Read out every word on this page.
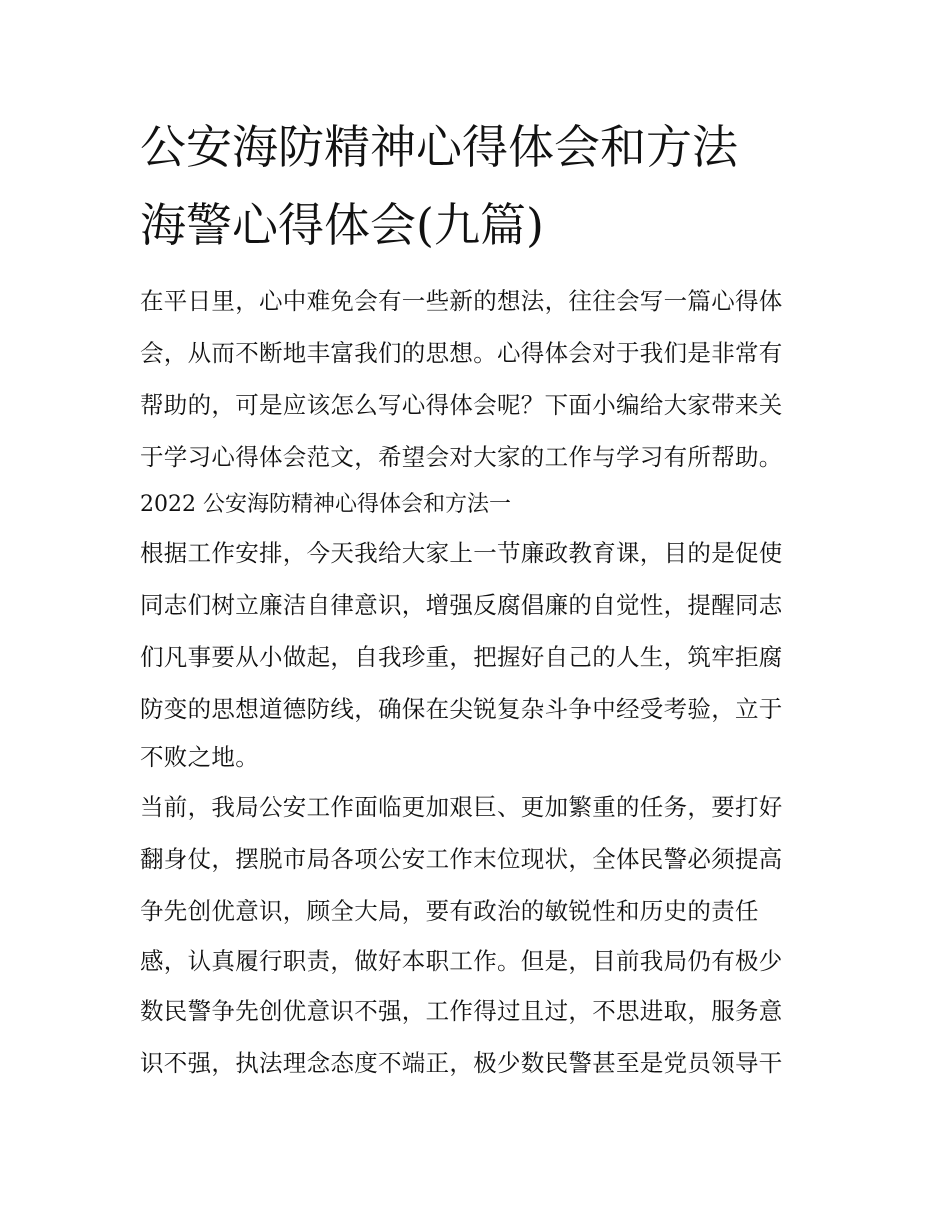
公安海防精神心得体会和方法
海警心得体会(九篇)
在平日里，心中难免会有一些新的想法，往往会写一篇心得体
会，从而不断地丰富我们的思想。心得体会对于我们是非常有
帮助的，可是应该怎么写心得体会呢？下面小编给大家带来关
于学习心得体会范文，希望会对大家的工作与学习有所帮助。
2022 公安海防精神心得体会和方法一
根据工作安排，今天我给大家上一节廉政教育课，目的是促使
同志们树立廉洁自律意识，增强反腐倡廉的自觉性，提醒同志
们凡事要从小做起，自我珍重，把握好自己的人生，筑牢拒腐
防变的思想道德防线，确保在尖锐复杂斗争中经受考验，立于
不败之地。
当前，我局公安工作面临更加艰巨、更加繁重的任务，要打好
翻身仗，摆脱市局各项公安工作末位现状，全体民警必须提高
争先创优意识，顾全大局，要有政治的敏锐性和历史的责任
感，认真履行职责，做好本职工作。但是，目前我局仍有极少
数民警争先创优意识不强，工作得过且过，不思进取，服务意
识不强，执法理念态度不端正，极少数民警甚至是党员领导干
